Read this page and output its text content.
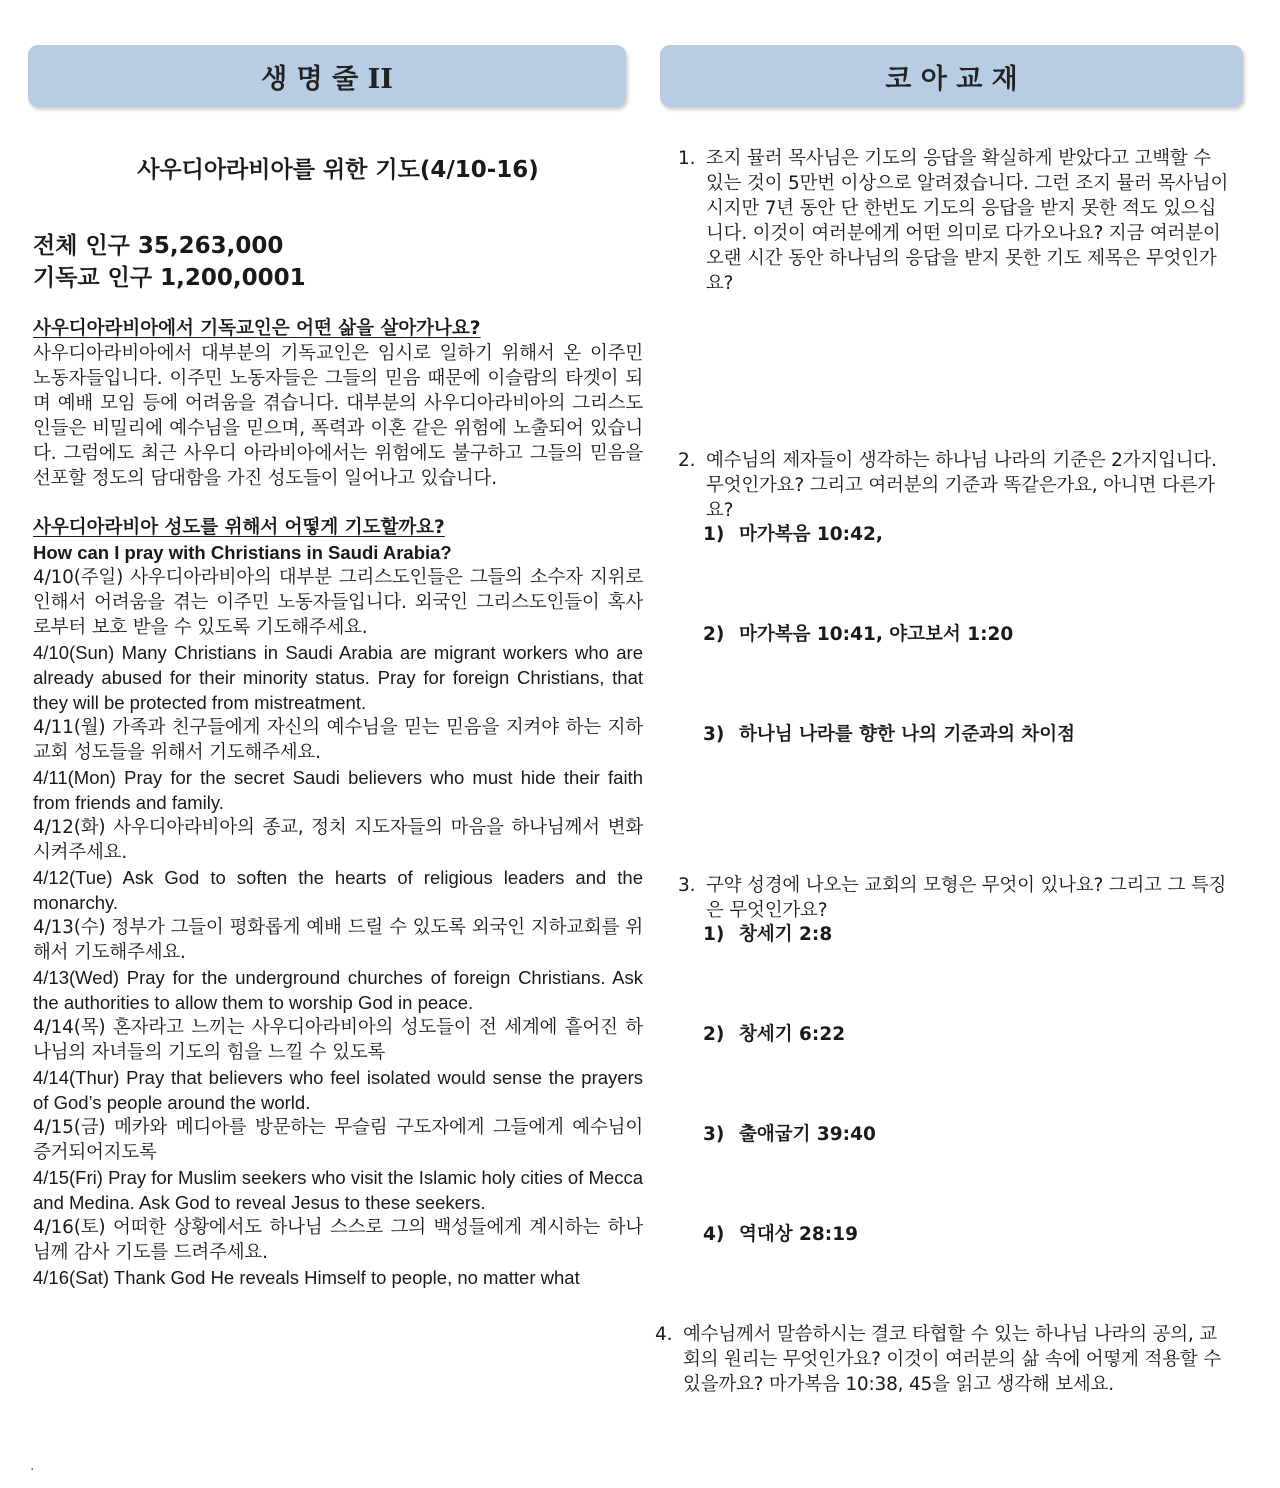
생 명 줄 II	코 아 교 재
사우디아라비아를 위한 기도(4/10-16)
전체 인구 35,263,000
기독교 인구 1,200,0001
사우디아라비아에서 기독교인은 어떤 삶을 살아가나요?
사우디아라비아에서 대부분의 기독교인은 임시로 일하기 위해서 온 이주민 노동자들입니다. 이주민 노동자들은 그들의 믿음 때문에 이슬람의 타겟이 되며 예배 모임 등에 어려움을 겪습니다. 대부분의 사우디아라비아의 그리스도인들은 비밀리에 예수님을 믿으며, 폭력과 이혼 같은 위험에 노출되어 있습니다. 그럼에도 최근 사우디 아라비아에서는 위험에도 불구하고 그들의 믿음을 선포할 정도의 담대함을 가진 성도들이 일어나고 있습니다.
사우디아라비아 성도를 위해서 어떻게 기도할까요?
How can I pray with Christians in Saudi Arabia?
4/10(주일) 사우디아라비아의 대부분 그리스도인들은 그들의 소수자 지위로 인해서 어려움을 겪는 이주민 노동자들입니다. 외국인 그리스도인들이 혹사로부터 보호 받을 수 있도록 기도해주세요.
4/10(Sun) Many Christians in Saudi Arabia are migrant workers who are already abused for their minority status. Pray for foreign Christians, that they will be protected from mistreatment.
4/11(월) 가족과 친구들에게 자신의 예수님을 믿는 믿음을 지켜야 하는 지하 교회 성도들을 위해서 기도해주세요.
4/11(Mon) Pray for the secret Saudi believers who must hide their faith from friends and family.
4/12(화) 사우디아라비아의 종교, 정치 지도자들의 마음을 하나님께서 변화시켜주세요.
4/12(Tue) Ask God to soften the hearts of religious leaders and the monarchy.
4/13(수) 정부가 그들이 평화롭게 예배 드릴 수 있도록 외국인 지하교회를 위해서 기도해주세요.
4/13(Wed) Pray for the underground churches of foreign Christians. Ask the authorities to allow them to worship God in peace.
4/14(목) 혼자라고 느끼는 사우디아라비아의 성도들이 전 세계에 흩어진 하나님의 자녀들의 기도의 힘을 느낄 수 있도록
4/14(Thur) Pray that believers who feel isolated would sense the prayers of God’s people around the world.
4/15(금) 메카와 메디아를 방문하는 무슬림 구도자에게 그들에게 예수님이 증거되어지도록
4/15(Fri) Pray for Muslim seekers who visit the Islamic holy cities of Mecca and Medina. Ask God to reveal Jesus to these seekers.
4/16(토) 어떠한 상황에서도 하나님 스스로 그의 백성들에게 계시하는 하나님께 감사 기도를 드려주세요.
4/16(Sat) Thank God He reveals Himself to people, no matter what
.
1. 조지 뮬러 목사님은 기도의 응답을 확실하게 받았다고 고백할 수 있는 것이 5만번 이상으로 알려졌습니다. 그런 조지 뮬러 목사님이시지만 7년 동안 단 한번도 기도의 응답을 받지 못한 적도 있으십니다. 이것이 여러분에게 어떤 의미로 다가오나요? 지금 여러분이 오랜 시간 동안 하나님의 응답을 받지 못한 기도 제목은 무엇인가요?
2. 예수님의 제자들이 생각하는 하나님 나라의 기준은 2가지입니다. 무엇인가요? 그리고 여러분의 기준과 똑같은가요, 아니면 다른가요?
1) 마가복음 10:42,
2) 마가복음 10:41, 야고보서 1:20
3) 하나님 나라를 향한 나의 기준과의 차이점
3. 구약 성경에 나오는 교회의 모형은 무엇이 있나요? 그리고 그 특징은 무엇인가요?
1) 창세기 2:8
2) 창세기 6:22
3) 출애굽기 39:40
4) 역대상 28:19
4. 예수님께서 말씀하시는 결코 타협할 수 있는 하나님 나라의 공의, 교회의 원리는 무엇인가요? 이것이 여러분의 삶 속에 어떻게 적용할 수 있을까요? 마가복음 10:38, 45을 읽고 생각해 보세요.
